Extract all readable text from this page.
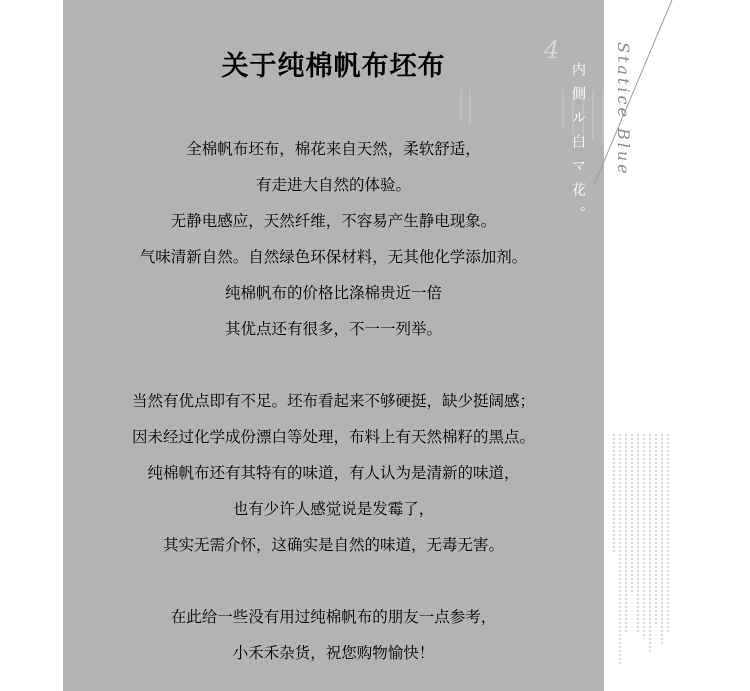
关于纯棉帆布坯布
全棉帆布坯布，棉花来自天然，柔软舒适，
有走进大自然的体验。
无静电感应，天然纤维，不容易产生静电现象。
气味清新自然。自然绿色环保材料，无其他化学添加剂。
纯棉帆布的价格比涤棉贵近一倍
其优点还有很多，不一一列举。
当然有优点即有不足。坯布看起来不够硬挺，缺少挺阔感；
因未经过化学成份漂白等处理，布料上有天然棉籽的黑点。
纯棉帆布还有其特有的味道，有人认为是清新的味道，
也有少许人感觉说是发霉了，
其实无需介怀，这确实是自然的味道，无毒无害。
在此给一些没有用过纯棉帆布的朋友一点参考，
小禾禾杂货，祝您购物愉快！
4
内側ル白マ花。 Statice Blue
